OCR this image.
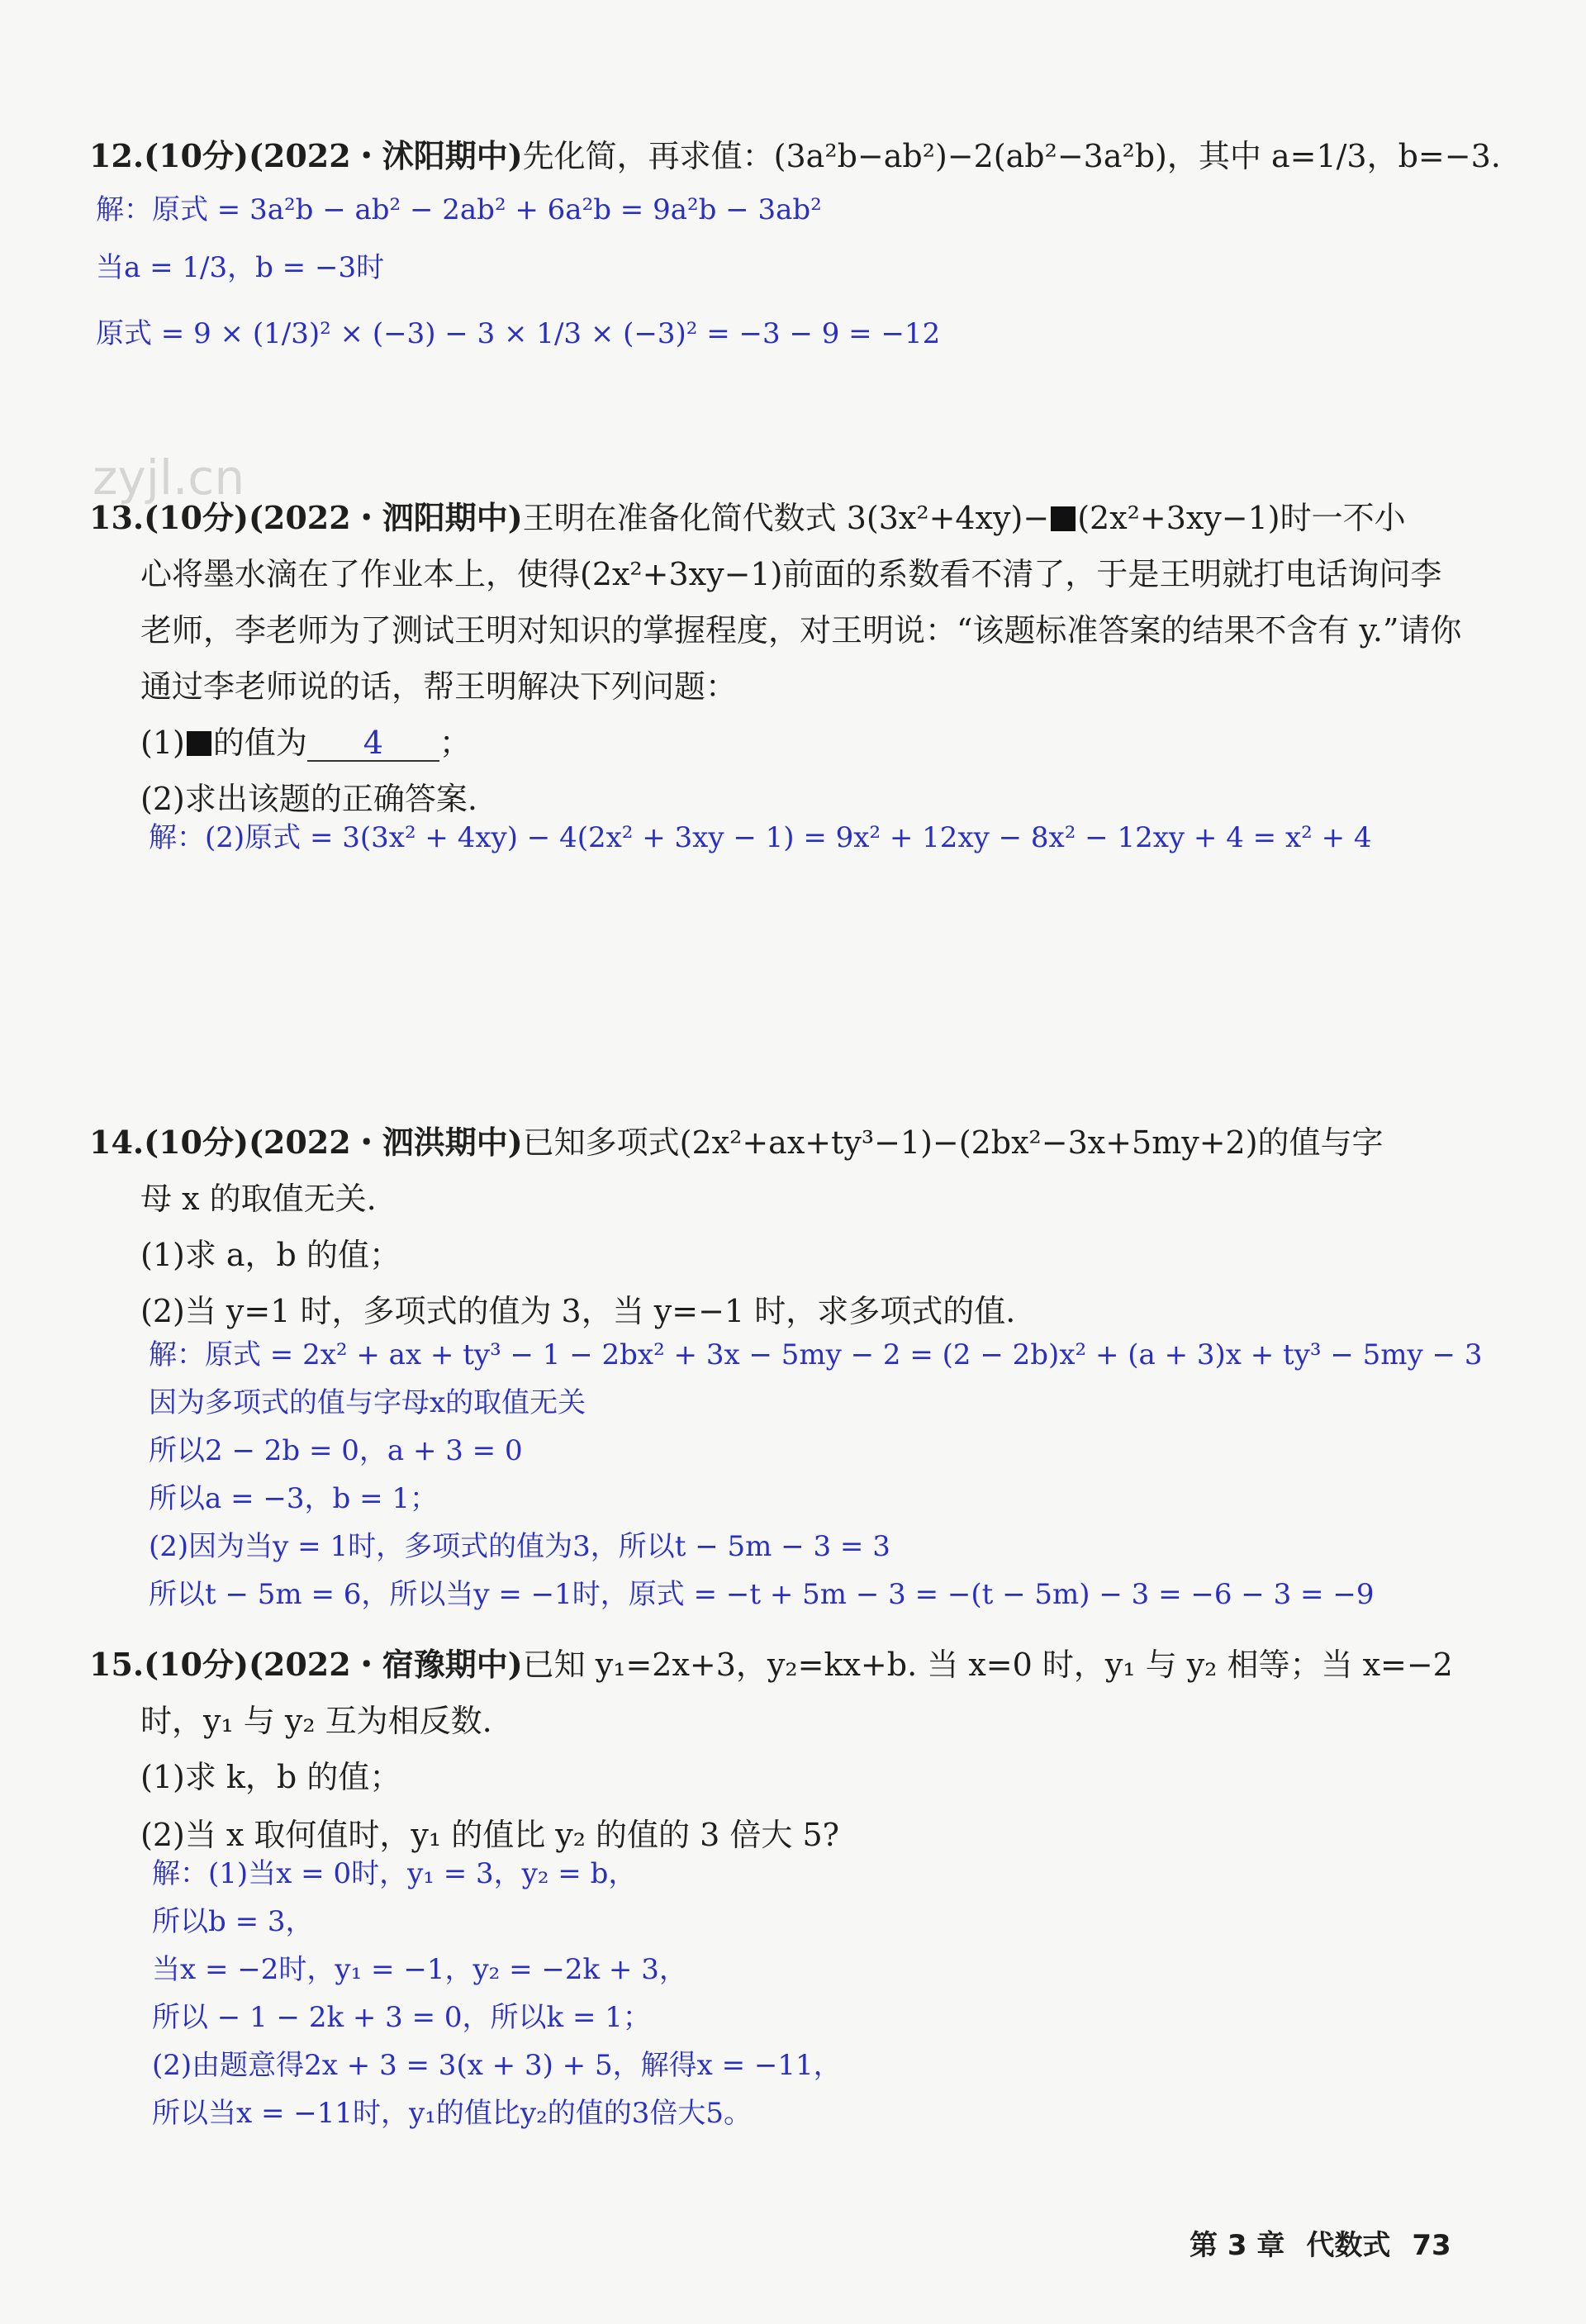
zyjl.cn
12.(10分)(2022・沭阳期中)先化简，再求值：(3a²b−ab²)−2(ab²−3a²b)，其中 a=1/3，b=−3.
解：原式 = 3a²b − ab² − 2ab² + 6a²b = 9a²b − 3ab²
当a = 1/3，b = −3时
原式 = 9 × (1/3)² × (−3) − 3 × 1/3 × (−3)² = −3 − 9 = −12
13.(10分)(2022・泗阳期中)王明在准备化简代数式 3(3x²+4xy)− (2x²+3xy−1)时一不小
心将墨水滴在了作业本上，使得(2x²+3xy−1)前面的系数看不清了，于是王明就打电话询问李
老师，李老师为了测试王明对知识的掌握程度，对王明说：“该题标准答案的结果不含有 y.”请你
通过李老师说的话，帮王明解决下列问题：
(1) 的值为 4 ；
(2)求出该题的正确答案.
解：(2)原式 = 3(3x² + 4xy) − 4(2x² + 3xy − 1) = 9x² + 12xy − 8x² − 12xy + 4 = x² + 4
14.(10分)(2022・泗洪期中)已知多项式(2x²+ax+ty³−1)−(2bx²−3x+5my+2)的值与字
母 x 的取值无关.
(1)求 a，b 的值；
(2)当 y=1 时，多项式的值为 3，当 y=−1 时，求多项式的值.
解：原式 = 2x² + ax + ty³ − 1 − 2bx² + 3x − 5my − 2 = (2 − 2b)x² + (a + 3)x + ty³ − 5my − 3
因为多项式的值与字母x的取值无关
所以2 − 2b = 0，a + 3 = 0
所以a = −3，b = 1；
(2)因为当y = 1时，多项式的值为3，所以t − 5m − 3 = 3
所以t − 5m = 6，所以当y = −1时，原式 = −t + 5m − 3 = −(t − 5m) − 3 = −6 − 3 = −9
15.(10分)(2022・宿豫期中)已知 y₁=2x+3，y₂=kx+b. 当 x=0 时，y₁ 与 y₂ 相等；当 x=−2
时，y₁ 与 y₂ 互为相反数.
(1)求 k，b 的值；
(2)当 x 取何值时，y₁ 的值比 y₂ 的值的 3 倍大 5?
解：(1)当x = 0时，y₁ = 3，y₂ = b，
所以b = 3，
当x = −2时，y₁ = −1，y₂ = −2k + 3，
所以 − 1 − 2k + 3 = 0，所以k = 1；
(2)由题意得2x + 3 = 3(x + 3) + 5，解得x = −11，
所以当x = −11时，y₁的值比y₂的值的3倍大5。
第 3 章 代数式 73
